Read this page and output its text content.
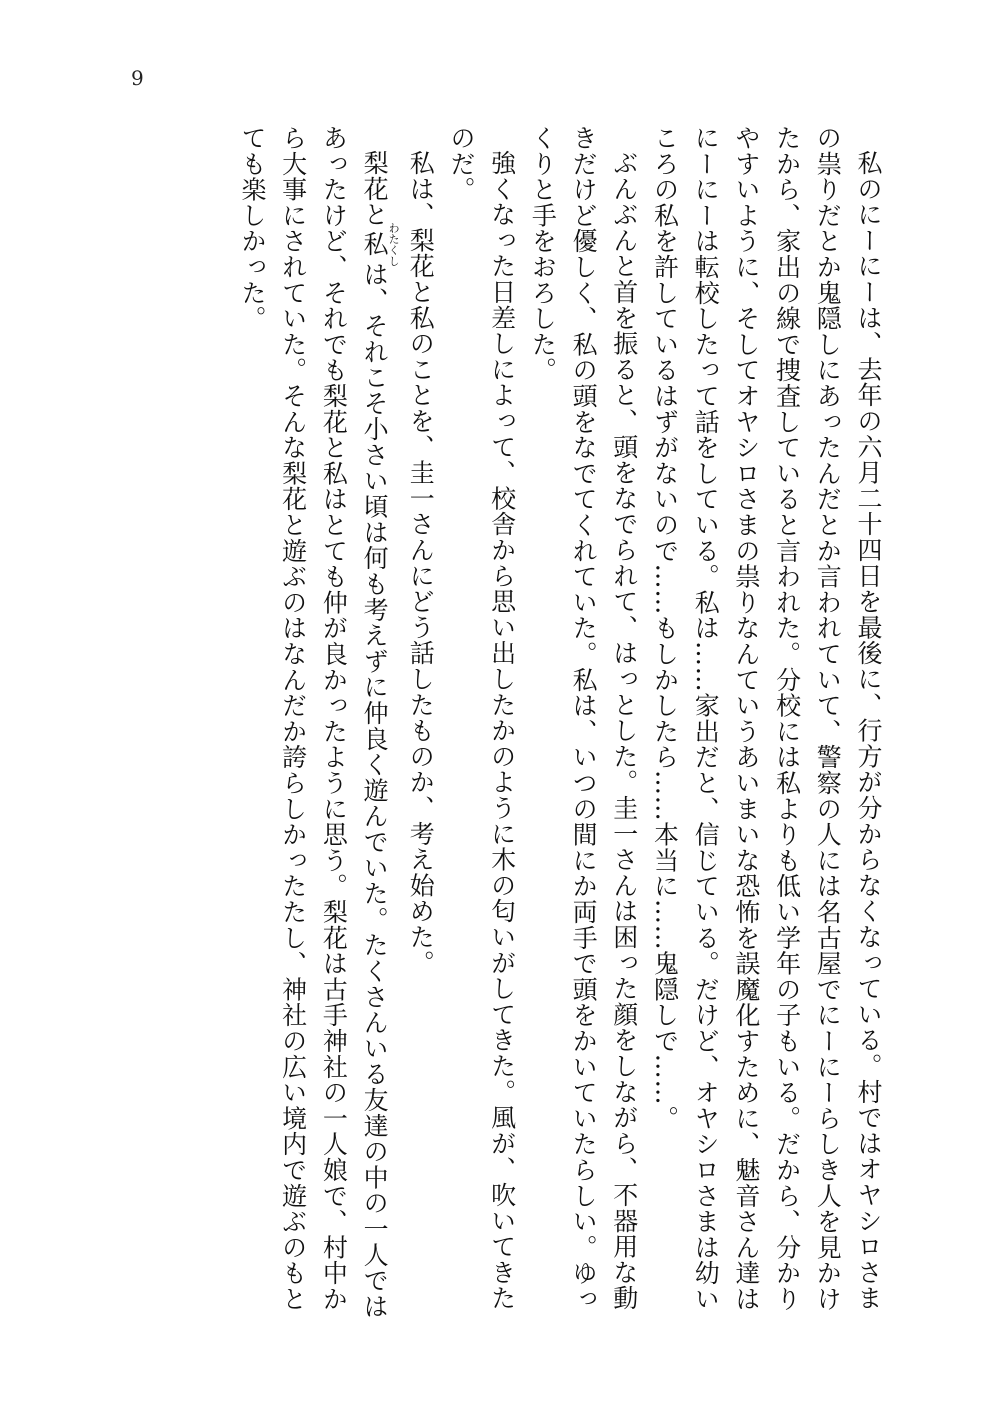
9

私のにーにーは、去年の六月二十四日を最後に、行方が分からなくなっている。村ではオヤシロさまの祟りだとか鬼隠しにあったんだとか言われていて、警察の人には名古屋でにーにーらしき人を見かけたから、家出の線で捜査していると言われた。分校には私よりも低い学年の子もいる。だから、分かりやすいように、そしてオヤシロさまの祟りなんていうあいまいな恐怖を誤魔化すために、魅音さん達はにーにーは転校したって話をしている。私は……家出だと、信じている。だけど、オヤシロさまは幼いころの私を許しているはずがないので……もしかしたら……本当に……鬼隠しで……。

ぶんぶんと首を振ると、頭をなでられて、はっとした。圭一さんは困った顔をしながら、不器用な動きだけど優しく、私の頭をなでてくれていた。私は、いつの間にか両手で頭をかいていたらしい。ゆっくりと手をおろした。

強くなった日差しによって、校舎から思い出したかのように木の匂いがしてきた。風が、吹いてきたのだ。

私は、梨花と私のことを、圭一さんにどう話したものか、考え始めた。

梨花と私わたくしは、それこそ小さい頃は何も考えずに仲良く遊んでいた。たくさんいる友達の中の一人ではあったけど、それでも梨花と私はとても仲が良かったように思う。梨花は古手神社の一人娘で、村中から大事にされていた。そんな梨花と遊ぶのはなんだか誇らしかったたし、神社の広い境内で遊ぶのもとても楽しかった。
